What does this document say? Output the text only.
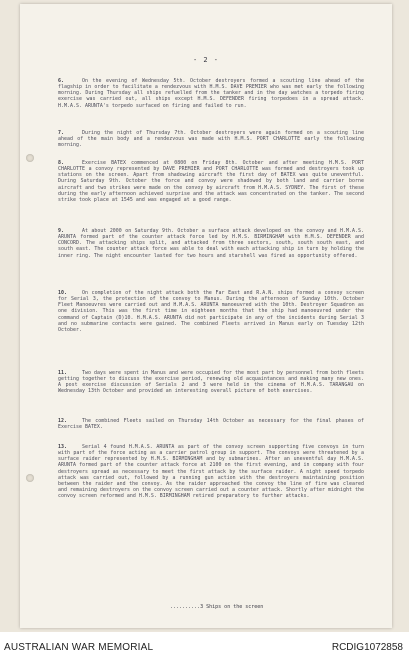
- 2 -

6.	On the evening of Wednesday 5th. October destroyers formed a scouting line ahead of the flagship in order to facilitate a rendezvous with H.M.S. DAVE PREMIER who was met early the following morning. During Thursday all ships refuelled from the tanker and in the day watches a torpedo firing exercise was carried out, all ships except H.M.S. DEFENDER firing torpedoes in a spread attack. H.M.A.S. ARUNTA's torpedo surfaced on firing and failed to run.

7.	During the night of Thursday 7th. October destroyers were again formed on a scouting line ahead of the main body and a rendezvous was made with H.M.S. PORT CHARLOTTE early the following morning.

8.	Exercise BATEX commenced at 0800 on Friday 8th. October and after meeting H.M.S. PORT CHARLOTTE a convoy represented by DAVE PREMIER and PORT CHARLOTTE was formed and destroyers took up stations on the screen. Apart from shadowing aircraft the first day of BATEX was quite uneventful. During Saturday 9th. October the force and convoy were shadowed by both land and carrier borne aircraft and two strikes were made on the convoy by aircraft from H.M.A.S. SYDNEY. The first of these during the early afternoon achieved surprise and the attack was concentrated on the tanker. The second strike took place at 1545 and was engaged at a good range.

9.	At about 2000 on Saturday 9th. October a surface attack developed on the convoy and H.M.A.S. ARUNTA formed part of the counter attack force led by H.M.S. BIRMINGHAM with H.M.S. DEFENDER and CONCORD. The attacking ships split, and attacked from three sectors, south, south south east, and south east. The counter attack force was able to deal with each attacking ship in turn by holding the inner ring. The night encounter lasted for two hours and starshell was fired as opportunity offered.

10.	On completion of the night attack both the Far East and R.A.N. ships formed a convoy screen for Serial 3, the protection of the convoy to Manus. During the afternoon of Sunday 10th. October Fleet Manoeuvres were carried out and H.M.A.S. ARUNTA manoeuvred with the 10th. Destroyer Squadron as one division. This was the first time in eighteen months that the ship had manoeuvred under the command of Captain (D)10. H.M.A.S. ARUNTA did not participate in any of the incidents during Serial 3 and no submarine contacts were gained. The combined Fleets arrived in Manus early on Tuesday 12th October.

11.	Two days were spent in Manus and were occupied for the most part by personnel from both fleets getting together to discuss the exercise period, renewing old acquaintances and making many new ones. A post exercise discussion of Serials 2 and 3 were held in the cinema of H.M.A.S. TARANGAU on Wednesday 13th October and provided an interesting overall picture of both exercises.

12.	The combined Fleets sailed on Thursday 14th October as necessary for the final phases of Exercise BATEX.

13.	Serial 4 found H.M.A.S. ARUNTA as part of the convoy screen supporting five convoys in turn with part of the force acting as a carrier patrol group in support. The convoys were threatened by a surface raider represented by H.M.S. BIRMINGHAM and by submarines. After an uneventful day H.M.A.S. ARUNTA formed part of the counter attack force at 2100 on the first evening, and in company with four destroyers spread as necessary to meet the first attack by the surface raider. A night speed torpedo attack was carried out, followed by a running gun action with the destroyers maintaining position between the raider and the convoy. As the raider approached the convoy the line of fire was cleared and remaining destroyers on the convoy screen carried out a counter attack. Shortly after midnight the convoy screen reformed and H.M.S. BIRMINGHAM retired preparatory to further attacks.

..........3 Ships on the screen
AUSTRALIAN WAR MEMORIAL	RCDIG1072858
